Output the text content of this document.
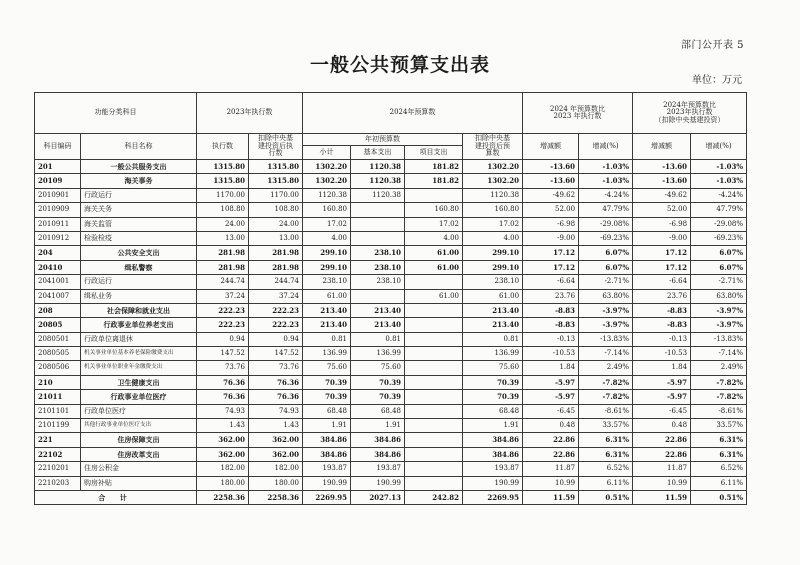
部门公开表 5
一般公共预算支出表
单位：万元
功能分类科目		2023年执行数		2024年预算数				2024 年预算数比
2023 年执行数		2024年预算数比
2023年执行数
（扣除中央基建投资）	
科目编码	科目名称	执行数	扣除中央基
建投资后执
行数	年初预算数			扣除中央基
建投资后预
算数	增减额	增减(%)	增减额	增减(%)
				小计	基本支出	项目支出					
201	一般公共服务支出	1315.80	1315.80	1302.20	1120.38	181.82	1302.20	-13.60	-1.03%	-13.60	-1.03%
20109	海关事务	1315.80	1315.80	1302.20	1120.38	181.82	1302.20	-13.60	-1.03%	-13.60	-1.03%
2010901	行政运行	1170.00	1170.00	1120.38	1120.38		1120.38	-49.62	-4.24%	-49.62	-4.24%
2010909	海关关务	108.80	108.80	160.80		160.80	160.80	52.00	47.79%	52.00	47.79%
2010911	海关监管	24.00	24.00	17.02		17.02	17.02	-6.98	-29.08%	-6.98	-29.08%
2010912	检验检疫	13.00	13.00	4.00		4.00	4.00	-9.00	-69.23%	-9.00	-69.23%
204	公共安全支出	281.98	281.98	299.10	238.10	61.00	299.10	17.12	6.07%	17.12	6.07%
20410	缉私警察	281.98	281.98	299.10	238.10	61.00	299.10	17.12	6.07%	17.12	6.07%
2041001	行政运行	244.74	244.74	238.10	238.10		238.10	-6.64	-2.71%	-6.64	-2.71%
2041007	缉私业务	37.24	37.24	61.00		61.00	61.00	23.76	63.80%	23.76	63.80%
208	社会保障和就业支出	222.23	222.23	213.40	213.40		213.40	-8.83	-3.97%	-8.83	-3.97%
20805	行政事业单位养老支出	222.23	222.23	213.40	213.40		213.40	-8.83	-3.97%	-8.83	-3.97%
2080501	行政单位离退休	0.94	0.94	0.81	0.81		0.81	-0.13	-13.83%	-0.13	-13.83%
2080505	机关事业单位基本养老保险缴费支出	147.52	147.52	136.99	136.99		136.99	-10.53	-7.14%	-10.53	-7.14%
2080506	机关事业单位职业年金缴费支出	73.76	73.76	75.60	75.60		75.60	1.84	2.49%	1.84	2.49%
210	卫生健康支出	76.36	76.36	70.39	70.39		70.39	-5.97	-7.82%	-5.97	-7.82%
21011	行政事业单位医疗	76.36	76.36	70.39	70.39		70.39	-5.97	-7.82%	-5.97	-7.82%
2101101	行政单位医疗	74.93	74.93	68.48	68.48		68.48	-6.45	-8.61%	-6.45	-8.61%
2101199	其他行政事业单位医疗支出	1.43	1.43	1.91	1.91		1.91	0.48	33.57%	0.48	33.57%
221	住房保障支出	362.00	362.00	384.86	384.86		384.86	22.86	6.31%	22.86	6.31%
22102	住房改革支出	362.00	362.00	384.86	384.86		384.86	22.86	6.31%	22.86	6.31%
2210201	住房公积金	182.00	182.00	193.87	193.87		193.87	11.87	6.52%	11.87	6.52%
2210203	购房补贴	180.00	180.00	190.99	190.99		190.99	10.99	6.11%	10.99	6.11%
合 计		2258.36	2258.36	2269.95	2027.13	242.82	2269.95	11.59	0.51%	11.59	0.51%
